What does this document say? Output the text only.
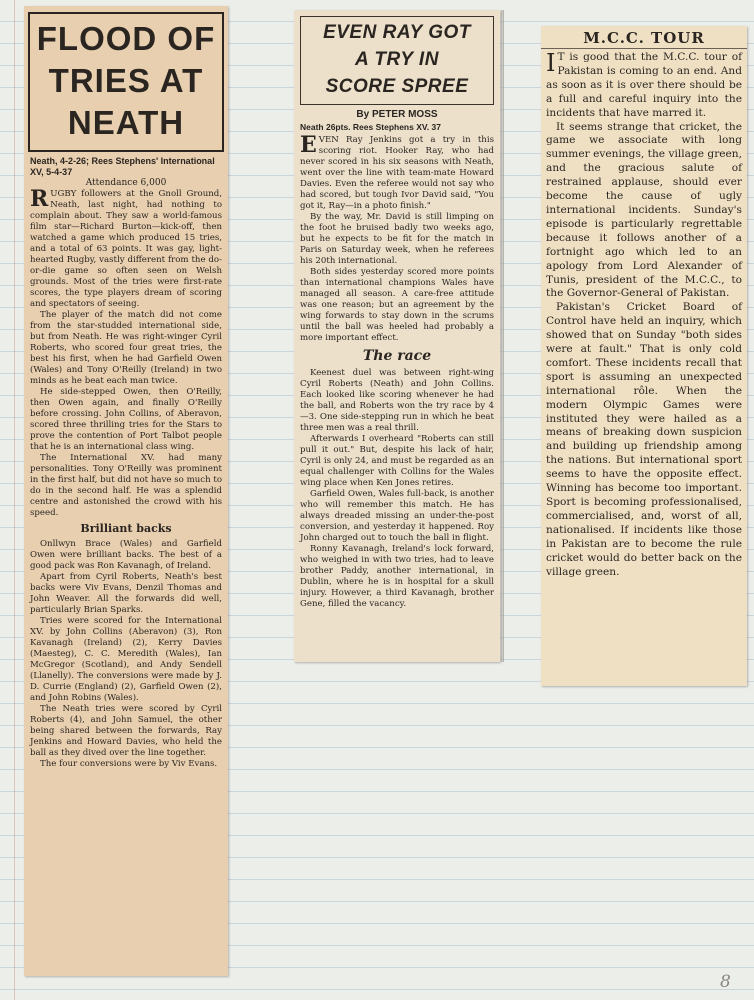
FLOOD OF
TRIES AT
NEATH
Neath, 4-2-26; Rees Stephens' International XV, 5-4-37
Attendance 6,000

RUGBY followers at the Gnoll Ground, Neath, last night, had nothing to complain about. They saw a world-famous film star—Richard Burton—kick-off, then watched a game which produced 15 tries, and a total of 63 points. It was gay, light-hearted Rugby, vastly different from the do-or-die game so often seen on Welsh grounds. Most of the tries were first-rate scores, the type players dream of scoring and spectators of seeing.

The player of the match did not come from the star-studded international side, but from Neath. He was right-winger Cyril Roberts, who scored four great tries, the best his first, when he had Garfield Owen (Wales) and Tony O'Reilly (Ireland) in two minds as he beat each man twice.

He side-stepped Owen, then O'Reilly, then Owen again, and finally O'Reilly before crossing. John Collins, of Aberavon, scored three thrilling tries for the Stars to prove the contention of Port Talbot people that he is an international class wing.

The International XV. had many personalities. Tony O'Reilly was prominent in the first half, but did not have so much to do in the second half. He was a splendid centre and astonished the crowd with his speed.

Brilliant backs

Onllwyn Brace (Wales) and Garfield Owen were brilliant backs. The best of a good pack was Ron Kavanagh, of Ireland.

Apart from Cyril Roberts, Neath's best backs were Viv Evans, Denzil Thomas and John Weaver. All the forwards did well, particularly Brian Sparks.

Tries were scored for the International XV. by John Collins (Aberavon) (3), Ron Kavanagh (Ireland) (2), Kerry Davies (Maesteg), C. C. Meredith (Wales), Ian McGregor (Scotland), and Andy Sendell (Llanelly). The conversions were made by J. D. Currie (England) (2), Garfield Owen (2), and John Robins (Wales).

The Neath tries were scored by Cyril Roberts (4), and John Samuel, the other being shared between the forwards, Ray Jenkins and Howard Davies, who held the ball as they dived over the line together.

The four conversions were by Viv Evans.

EVEN RAY GOT
A TRY IN
SCORE SPREE
By PETER MOSS
Neath 26pts. Rees Stephens XV. 37

EVEN Ray Jenkins got a try in this scoring riot. Hooker Ray, who had never scored in his six seasons with Neath, went over the line with team-mate Howard Davies. Even the referee would not say who had scored, but tough Ivor David said, "You got it, Ray—in a photo finish."

By the way, Mr. David is still limping on the foot he bruised badly two weeks ago, but he expects to be fit for the match in Paris on Saturday week, when he referees his 20th international.

Both sides yesterday scored more points than international champions Wales have managed all season. A care-free attitude was one reason; but an agreement by the wing forwards to stay down in the scrums until the ball was heeled had probably a more important effect.

The race

Keenest duel was between right-wing Cyril Roberts (Neath) and John Collins. Each looked like scoring whenever he had the ball, and Roberts won the try race by 4—3. One side-stepping run in which he beat three men was a real thrill.

Afterwards I overheard "Roberts can still pull it out." But, despite his lack of hair, Cyril is only 24, and must be regarded as an equal challenger with Collins for the Wales wing place when Ken Jones retires.

Garfield Owen, Wales full-back, is another who will remember this match. He has always dreaded missing an under-the-post conversion, and yesterday it happened. Roy John charged out to touch the ball in flight.

Ronny Kavanagh, Ireland's lock forward, who weighed in with two tries, had to leave brother Paddy, another international, in Dublin, where he is in hospital for a skull injury. However, a third Kavanagh, brother Gene, filled the vacancy.

M.C.C. TOUR

I T is good that the M.C.C. tour of Pakistan is coming to an end. And as soon as it is over there should be a full and careful inquiry into the incidents that have marred it.

It seems strange that cricket, the game we associate with long summer evenings, the village green, and the gracious salute of restrained applause, should ever become the cause of ugly international incidents. Sunday's episode is particularly regrettable because it follows another of a fortnight ago which led to an apology from Lord Alexander of Tunis, president of the M.C.C., to the Governor-General of Pakistan.

Pakistan's Cricket Board of Control have held an inquiry, which showed that on Sunday "both sides were at fault." That is only cold comfort. These incidents recall that sport is assuming an unexpected international rôle. When the modern Olympic Games were instituted they were hailed as a means of breaking down suspicion and building up friendship among the nations. But international sport seems to have the opposite effect. Winning has become too important. Sport is becoming professionalised, commercialised, and, worst of all, nationalised. If incidents like those in Pakistan are to become the rule cricket would do better back on the village green.

8
